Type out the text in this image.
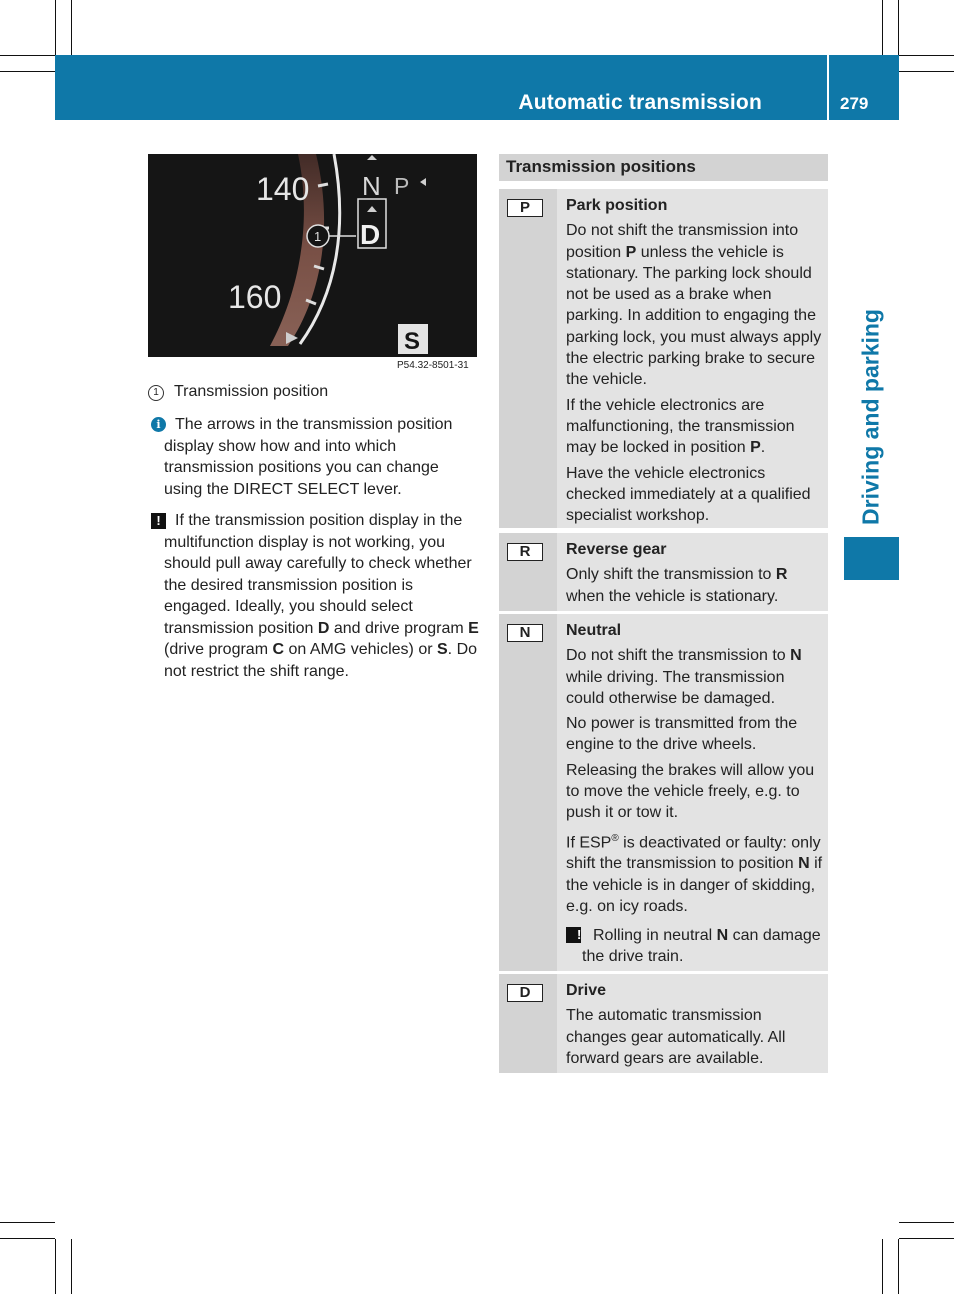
Automatic transmission	279
Driving and parking
140
160
N P
D
S
1
P54.32-8501-31
1 Transmission position
i The arrows in the transmission position display show how and into which transmission positions you can change using the DIRECT SELECT lever.

! If the transmission position display in the multifunction display is not working, you should pull away carefully to check whether the desired transmission position is engaged. Ideally, you should select transmission position D and drive program E (drive program C on AMG vehicles) or S. Do not restrict the shift range.

Transmission positions
P	Park position

Do not shift the transmission into position P unless the vehicle is stationary. The parking lock should not be used as a brake when parking. In addition to engaging the parking lock, you must always apply the electric parking brake to secure the vehicle.

If the vehicle electronics are malfunctioning, the transmission may be locked in position P.

Have the vehicle electronics checked immediately at a qualified specialist workshop.

R	Reverse gear

Only shift the transmission to R when the vehicle is stationary.

N	Neutral

Do not shift the transmission to N while driving. The transmission could otherwise be damaged.

No power is transmitted from the engine to the drive wheels.

Releasing the brakes will allow you to move the vehicle freely, e.g. to push it or tow it.

If ESP® is deactivated or faulty: only shift the transmission to position N if the vehicle is in danger of skidding, e.g. on icy roads.

! Rolling in neutral N can damage the drive train.

D	Drive

The automatic transmission changes gear automatically. All forward gears are available.
